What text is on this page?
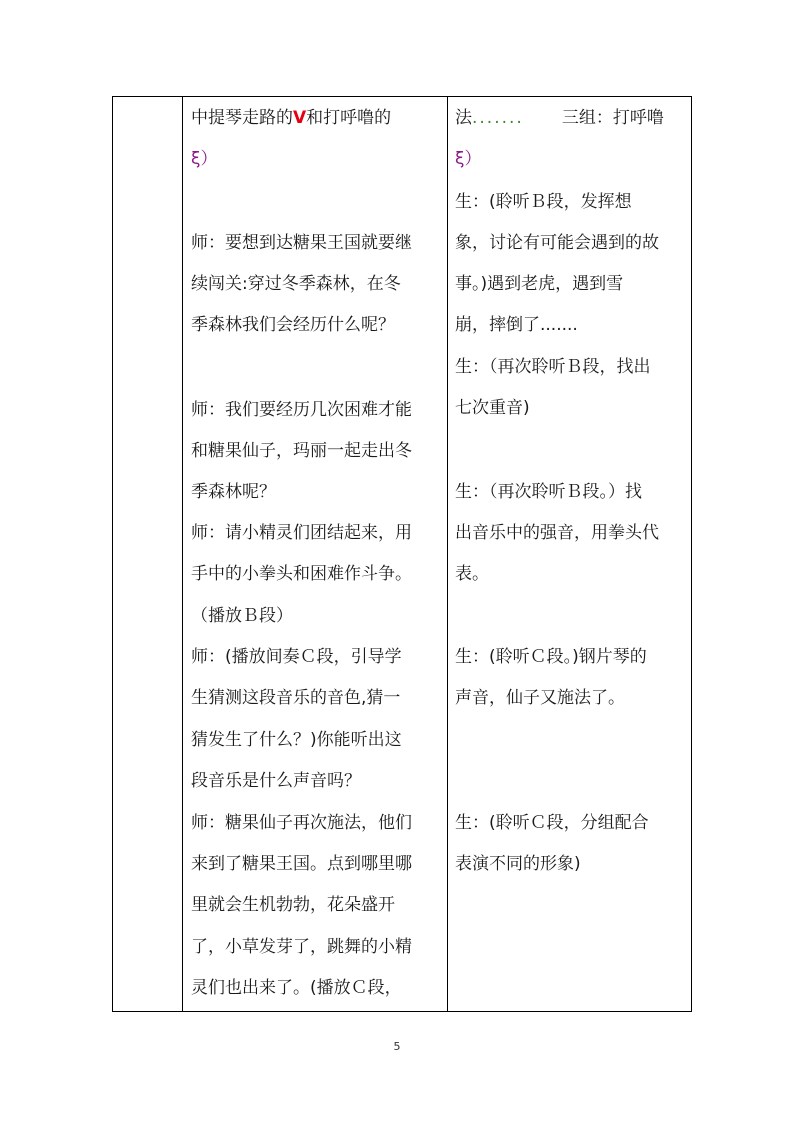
中提琴走路的V和打呼噜的
ξ）
师：要想到达糖果王国就要继
续闯关:穿过冬季森林，在冬
季森林我们会经历什么呢？
师：我们要经历几次困难才能
和糖果仙子，玛丽一起走出冬
季森林呢？
师：请小精灵们团结起来，用
手中的小拳头和困难作斗争。
（播放Ｂ段）
师：(播放间奏Ｃ段，引导学
生猜测这段音乐的音色,猜一
猜发生了什么？)你能听出这
段音乐是什么声音吗？
师：糖果仙子再次施法，他们
来到了糖果王国。点到哪里哪
里就会生机勃勃，花朵盛开
了，小草发芽了，跳舞的小精
灵们也出来了。(播放Ｃ段，
法....... 三组：打呼噜
ξ）
生：(聆听Ｂ段，发挥想
象，讨论有可能会遇到的故
事。)遇到老虎，遇到雪
崩，摔倒了.......
生：（再次聆听Ｂ段，找出
七次重音)
生：（再次聆听Ｂ段。）找
出音乐中的强音，用拳头代
表。
生：(聆听Ｃ段。)钢片琴的
声音，仙子又施法了。
生：(聆听Ｃ段，分组配合
表演不同的形象)
5
